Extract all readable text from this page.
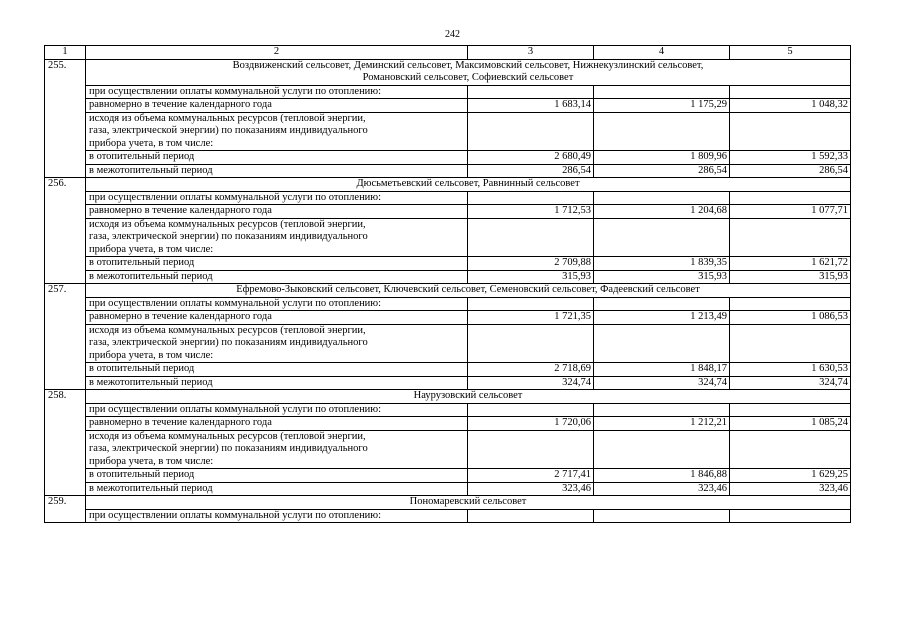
242
1	2	3	4	5
255.	Воздвиженский сельсовет, Деминский сельсовет, Максимовский сельсовет, Нижнекузлинский сельсовет,
Романовский сельсовет, Софиевский сельсовет			

	при осуществлении оплаты коммунальной услуги по отоплению:			

	равномерно в течение календарного года	1 683,14	1 175,29	1 048,32

	исходя из объема коммунальных ресурсов (тепловой энергии,
газа, электрической энергии) по показаниям индивидуального
прибора учета, в том числе:			

	в отопительный период	2 680,49	1 809,96	1 592,33

	в межотопительный период	286,54	286,54	286,54
256.	Дюсьметьевский сельсовет, Равнинный сельсовет			

	при осуществлении оплаты коммунальной услуги по отоплению:			

	равномерно в течение календарного года	1 712,53	1 204,68	1 077,71

	исходя из объема коммунальных ресурсов (тепловой энергии,
газа, электрической энергии) по показаниям индивидуального
прибора учета, в том числе:			

	в отопительный период	2 709,88	1 839,35	1 621,72

	в межотопительный период	315,93	315,93	315,93
257.	Ефремово-Зыковский сельсовет, Ключевский сельсовет, Семеновский сельсовет, Фадеевский сельсовет			

	при осуществлении оплаты коммунальной услуги по отоплению:			

	равномерно в течение календарного года	1 721,35	1 213,49	1 086,53

	исходя из объема коммунальных ресурсов (тепловой энергии,
газа, электрической энергии) по показаниям индивидуального
прибора учета, в том числе:			

	в отопительный период	2 718,69	1 848,17	1 630,53

	в межотопительный период	324,74	324,74	324,74
258.	Наурузовский сельсовет			

	при осуществлении оплаты коммунальной услуги по отоплению:			

	равномерно в течение календарного года	1 720,06	1 212,21	1 085,24

	исходя из объема коммунальных ресурсов (тепловой энергии,
газа, электрической энергии) по показаниям индивидуального
прибора учета, в том числе:			

	в отопительный период	2 717,41	1 846,88	1 629,25

	в межотопительный период	323,46	323,46	323,46
259.	Пономаревский сельсовет			

	при осуществлении оплаты коммунальной услуги по отоплению:			
